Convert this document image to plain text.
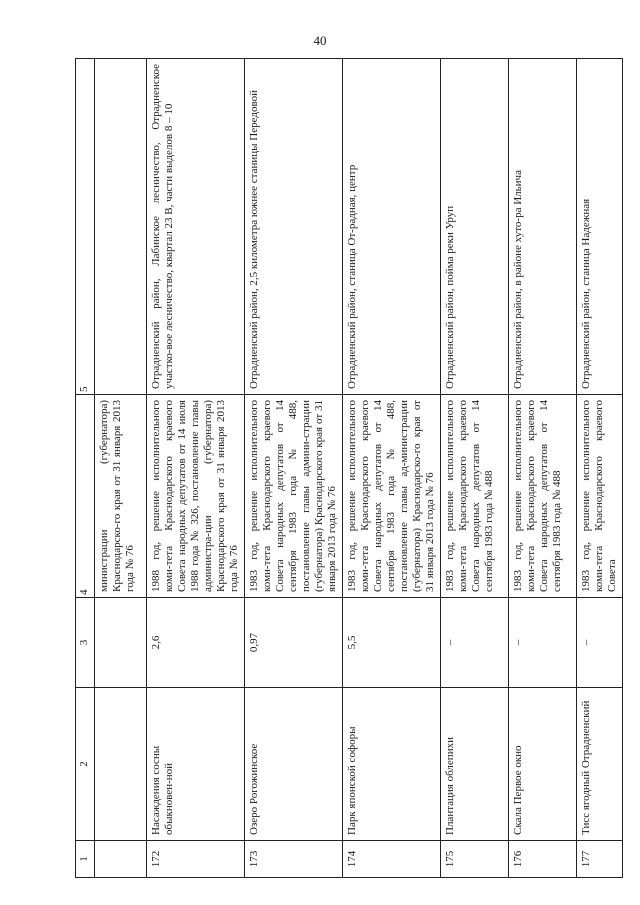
40
1	2	3	4	5
			министрации (губернатора) Краснодарско-го края от 31 января 2013 года № 76	
172	Насаждения сосны обыкновен-ной	2,6	1988 год, решение исполнительного коми-тета Краснодарского краевого Совета народных депутатов от 14 июля 1988 года № 326, постановление главы администра-ции (губернатора) Краснодарского края от 31 января 2013 года № 76	Отрадненский район, Лабинское лесничество, Отрадненское участко-вое лесничество, квартал 23 В, части выделов 8 – 10
173	Озеро Рогожинское	0,97	1983 год, решение исполнительного коми-тета Краснодарского краевого Совета народных депутатов от 14 сентября 1983 года № 488, постановление главы админи-страции (губернатора) Краснодарского края от 31 января 2013 года № 76	Отрадненский район, 2,5 километра южнее станицы Передовой
174	Парк японской софоры	5,5	1983 год, решение исполнительного коми-тета Краснодарского краевого Совета народных депутатов от 14 сентября 1983 года № 488, постановление главы ад-министрации (губернатора) Краснодарско-го края от 31 января 2013 года № 76	Отрадненский район, станица От-радная, центр
175	Плантация облепихи	–	1983 год, решение исполнительного коми-тета Краснодарского краевого Совета народных депутатов от 14 сентября 1983 года № 488	Отрадненский район, пойма реки Уруп
176	Скала Первое окно	–	1983 год, решение исполнительного коми-тета Краснодарского краевого Совета народных депутатов от 14 сентября 1983 года № 488	Отрадненский район, в районе хуто-ра Ильича
177	Тисс ягодный Отрадненский	–	1983 год, решение исполнительного коми-тета Краснодарского краевого Совета	Отрадненский район, станица Надежная
